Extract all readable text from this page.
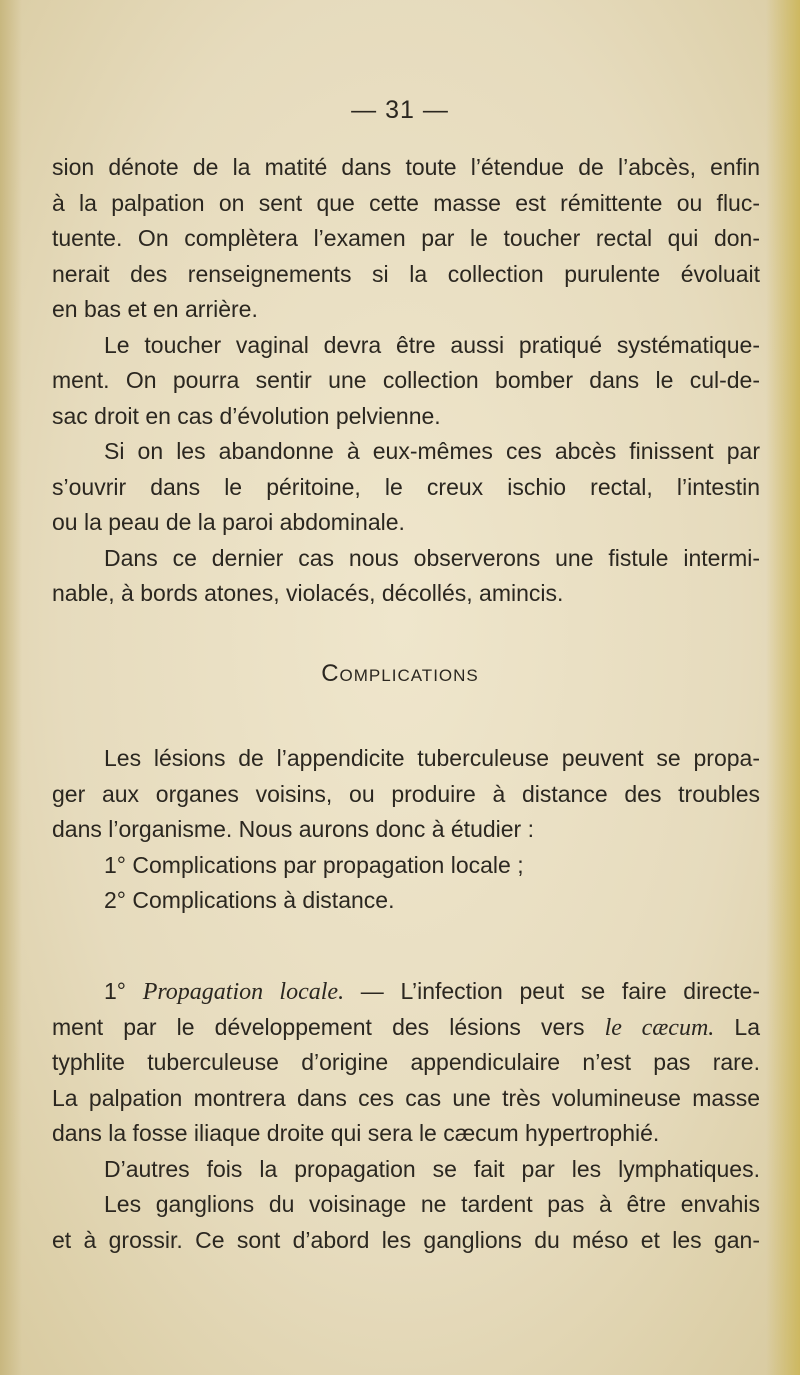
— 31 —
sion dénote de la matité dans toute l’étendue de l’abcès, enfin
à la palpation on sent que cette masse est rémittente ou fluc-
tuente. On complètera l’examen par le toucher rectal qui don-
nerait des renseignements si la collection purulente évoluait
en bas et en arrière.
Le toucher vaginal devra être aussi pratiqué systématique-
ment. On pourra sentir une collection bomber dans le cul-de-
sac droit en cas d’évolution pelvienne.
Si on les abandonne à eux-mêmes ces abcès finissent par
s’ouvrir dans le péritoine, le creux ischio rectal, l’intestin
ou la peau de la paroi abdominale.
Dans ce dernier cas nous observerons une fistule intermi-
nable, à bords atones, violacés, décollés, amincis.
Complications
Les lésions de l’appendicite tuberculeuse peuvent se propa-
ger aux organes voisins, ou produire à distance des troubles
dans l’organisme. Nous aurons donc à étudier :
1° Complications par propagation locale ;
2° Complications à distance.
1° Propagation locale. — L’infection peut se faire directe-
ment par le développement des lésions vers le cæcum. La
typhlite tuberculeuse d’origine appendiculaire n’est pas rare.
La palpation montrera dans ces cas une très volumineuse masse
dans la fosse iliaque droite qui sera le cæcum hypertrophié.
D’autres fois la propagation se fait par les lymphatiques.
Les ganglions du voisinage ne tardent pas à être envahis
et à grossir. Ce sont d’abord les ganglions du méso et les gan-
